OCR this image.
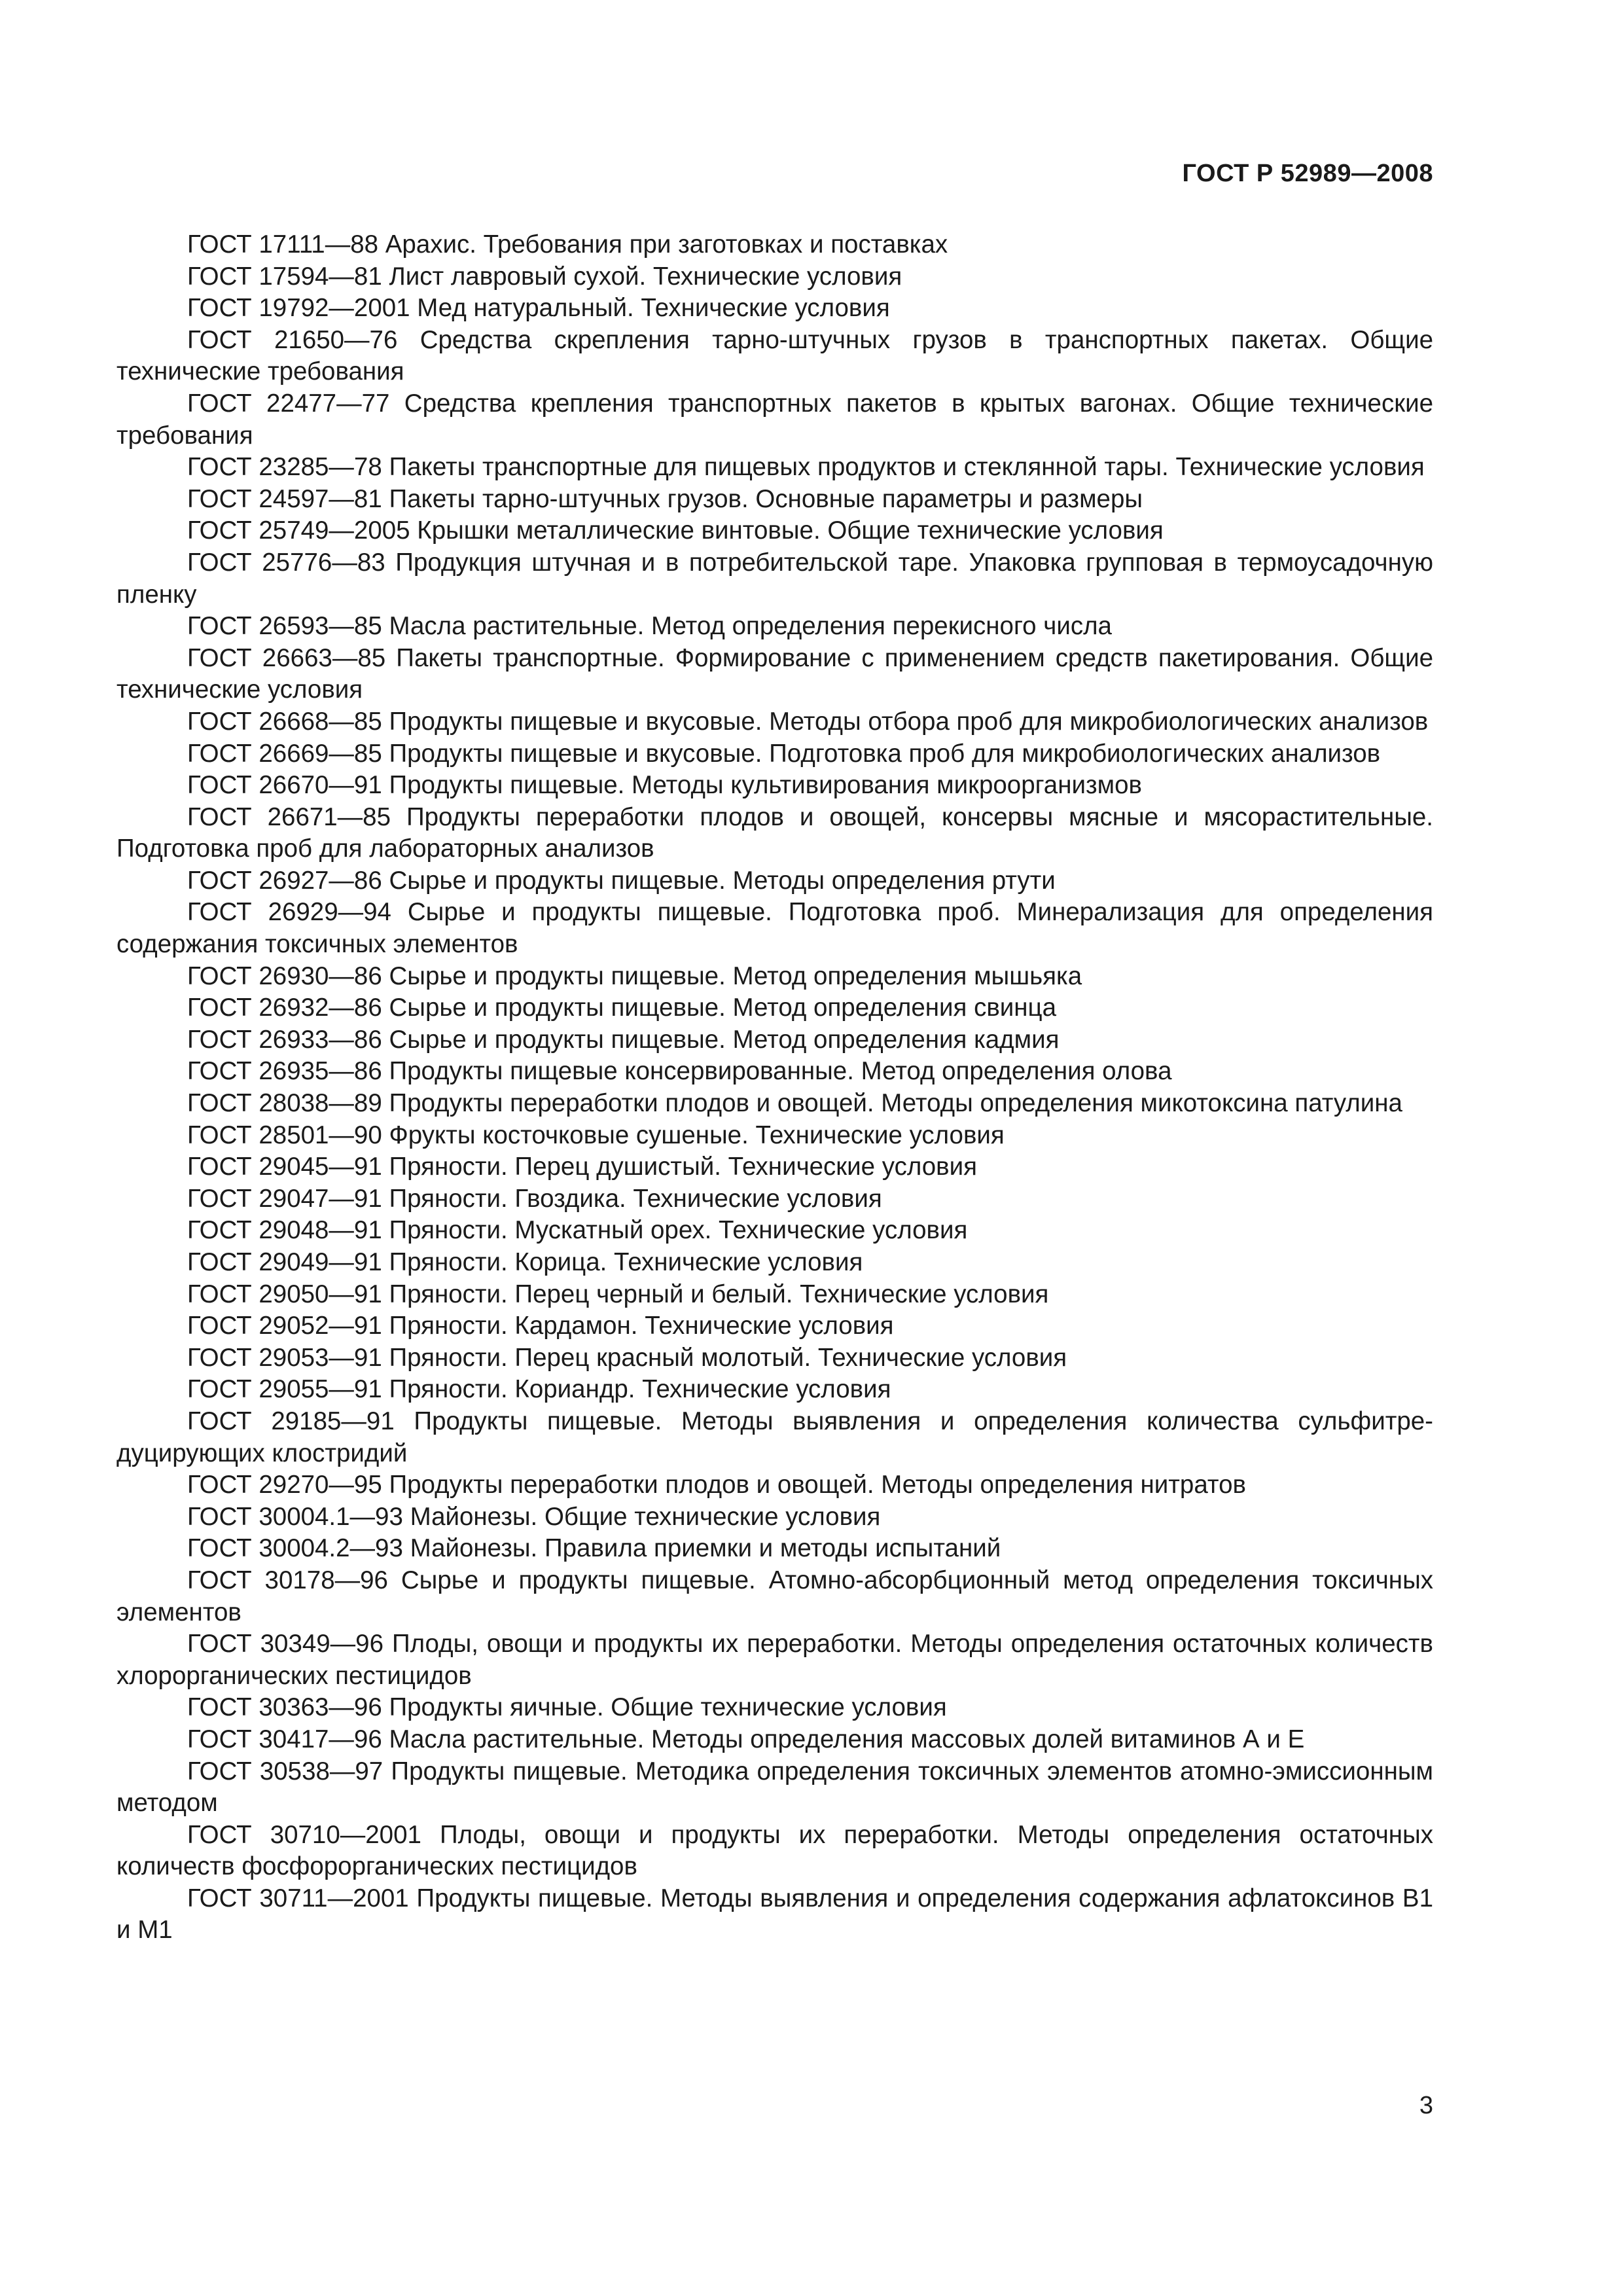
ГОСТ Р 52989—2008
ГОСТ 17111—88 Арахис. Требования при заготовках и поставках
ГОСТ 17594—81 Лист лавровый сухой. Технические условия
ГОСТ 19792—2001 Мед натуральный. Технические условия
ГОСТ 21650—76 Средства скрепления тарно-штучных грузов в транспортных пакетах. Общие технические требования
ГОСТ 22477—77 Средства крепления транспортных пакетов в крытых вагонах. Общие технические требования
ГОСТ 23285—78 Пакеты транспортные для пищевых продуктов и стеклянной тары. Технические условия
ГОСТ 24597—81 Пакеты тарно-штучных грузов. Основные параметры и размеры
ГОСТ 25749—2005 Крышки металлические винтовые. Общие технические условия
ГОСТ 25776—83 Продукция штучная и в потребительской таре. Упаковка групповая в термоусадочную пленку
ГОСТ 26593—85 Масла растительные. Метод определения перекисного числа
ГОСТ 26663—85 Пакеты транспортные. Формирование с применением средств пакетирования. Общие технические условия
ГОСТ 26668—85 Продукты пищевые и вкусовые. Методы отбора проб для микробиологических анализов
ГОСТ 26669—85 Продукты пищевые и вкусовые. Подготовка проб для микробиологических анализов
ГОСТ 26670—91 Продукты пищевые. Методы культивирования микроорганизмов
ГОСТ 26671—85 Продукты переработки плодов и овощей, консервы мясные и мясорастительные. Подготовка проб для лабораторных анализов
ГОСТ 26927—86 Сырье и продукты пищевые. Методы определения ртути
ГОСТ 26929—94 Сырье и продукты пищевые. Подготовка проб. Минерализация для определения содержания токсичных элементов
ГОСТ 26930—86 Сырье и продукты пищевые. Метод определения мышьяка
ГОСТ 26932—86 Сырье и продукты пищевые. Метод определения свинца
ГОСТ 26933—86 Сырье и продукты пищевые. Метод определения кадмия
ГОСТ 26935—86 Продукты пищевые консервированные. Метод определения олова
ГОСТ 28038—89 Продукты переработки плодов и овощей. Методы определения микотоксина патулина
ГОСТ 28501—90 Фрукты косточковые сушеные. Технические условия
ГОСТ 29045—91 Пряности. Перец душистый. Технические условия
ГОСТ 29047—91 Пряности. Гвоздика. Технические условия
ГОСТ 29048—91 Пряности. Мускатный орех. Технические условия
ГОСТ 29049—91 Пряности. Корица. Технические условия
ГОСТ 29050—91 Пряности. Перец черный и белый. Технические условия
ГОСТ 29052—91 Пряности. Кардамон. Технические условия
ГОСТ 29053—91 Пряности. Перец красный молотый. Технические условия
ГОСТ 29055—91 Пряности. Кориандр. Технические условия
ГОСТ 29185—91 Продукты пищевые. Методы выявления и определения количества сульфитредуцирующих клостридий
ГОСТ 29270—95 Продукты переработки плодов и овощей. Методы определения нитратов
ГОСТ 30004.1—93 Майонезы. Общие технические условия
ГОСТ 30004.2—93 Майонезы. Правила приемки и методы испытаний
ГОСТ 30178—96 Сырье и продукты пищевые. Атомно-абсорбционный метод определения токсичных элементов
ГОСТ 30349—96 Плоды, овощи и продукты их переработки. Методы определения остаточных количеств хлорорганических пестицидов
ГОСТ 30363—96 Продукты яичные. Общие технические условия
ГОСТ 30417—96 Масла растительные. Методы определения массовых долей витаминов А и Е
ГОСТ 30538—97 Продукты пищевые. Методика определения токсичных элементов атомно-эмиссионным методом
ГОСТ 30710—2001 Плоды, овощи и продукты их переработки. Методы определения остаточных количеств фосфорорганических пестицидов
ГОСТ 30711—2001 Продукты пищевые. Методы выявления и определения содержания афлатоксинов В1 и М1
3
